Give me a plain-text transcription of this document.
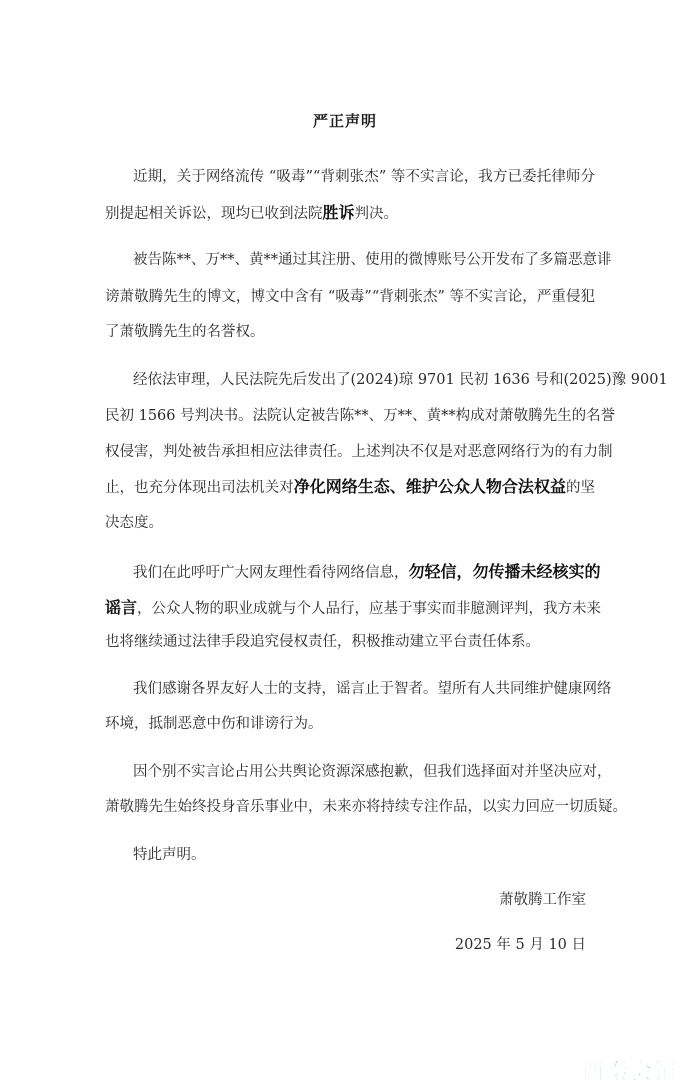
严正声明
近期，关于网络流传 “吸毒”“背刺张杰” 等不实言论，我方已委托律师分
别提起相关诉讼，现均已收到法院胜诉判决。
被告陈**、万**、黄**通过其注册、使用的微博账号公开发布了多篇恶意诽
谤萧敬腾先生的博文，博文中含有 “吸毒”“背刺张杰” 等不实言论，严重侵犯
了萧敬腾先生的名誉权。
经依法审理，人民法院先后发出了(2024)琼 9701 民初 1636 号和(2025)豫 9001
民初 1566 号判决书。法院认定被告陈**、万**、黄**构成对萧敬腾先生的名誉
权侵害，判处被告承担相应法律责任。上述判决不仅是对恶意网络行为的有力制
止，也充分体现出司法机关对净化网络生态、维护公众人物合法权益的坚
决态度。
我们在此呼吁广大网友理性看待网络信息，勿轻信，勿传播未经核实的
谣言，公众人物的职业成就与个人品行，应基于事实而非臆测评判，我方未来
也将继续通过法律手段追究侵权责任，积极推动建立平台责任体系。
我们感谢各界友好人士的支持，谣言止于智者。望所有人共同维护健康网络
环境，抵制恶意中伤和诽谤行为。
因个别不实言论占用公共舆论资源深感抱歉，但我们选择面对并坚决应对，
萧敬腾先生始终投身音乐事业中，未来亦将持续专注作品，以实力回应一切质疑。
特此声明。
萧敬腾工作室
2025 年 5 月 10 日
西秦会馆
